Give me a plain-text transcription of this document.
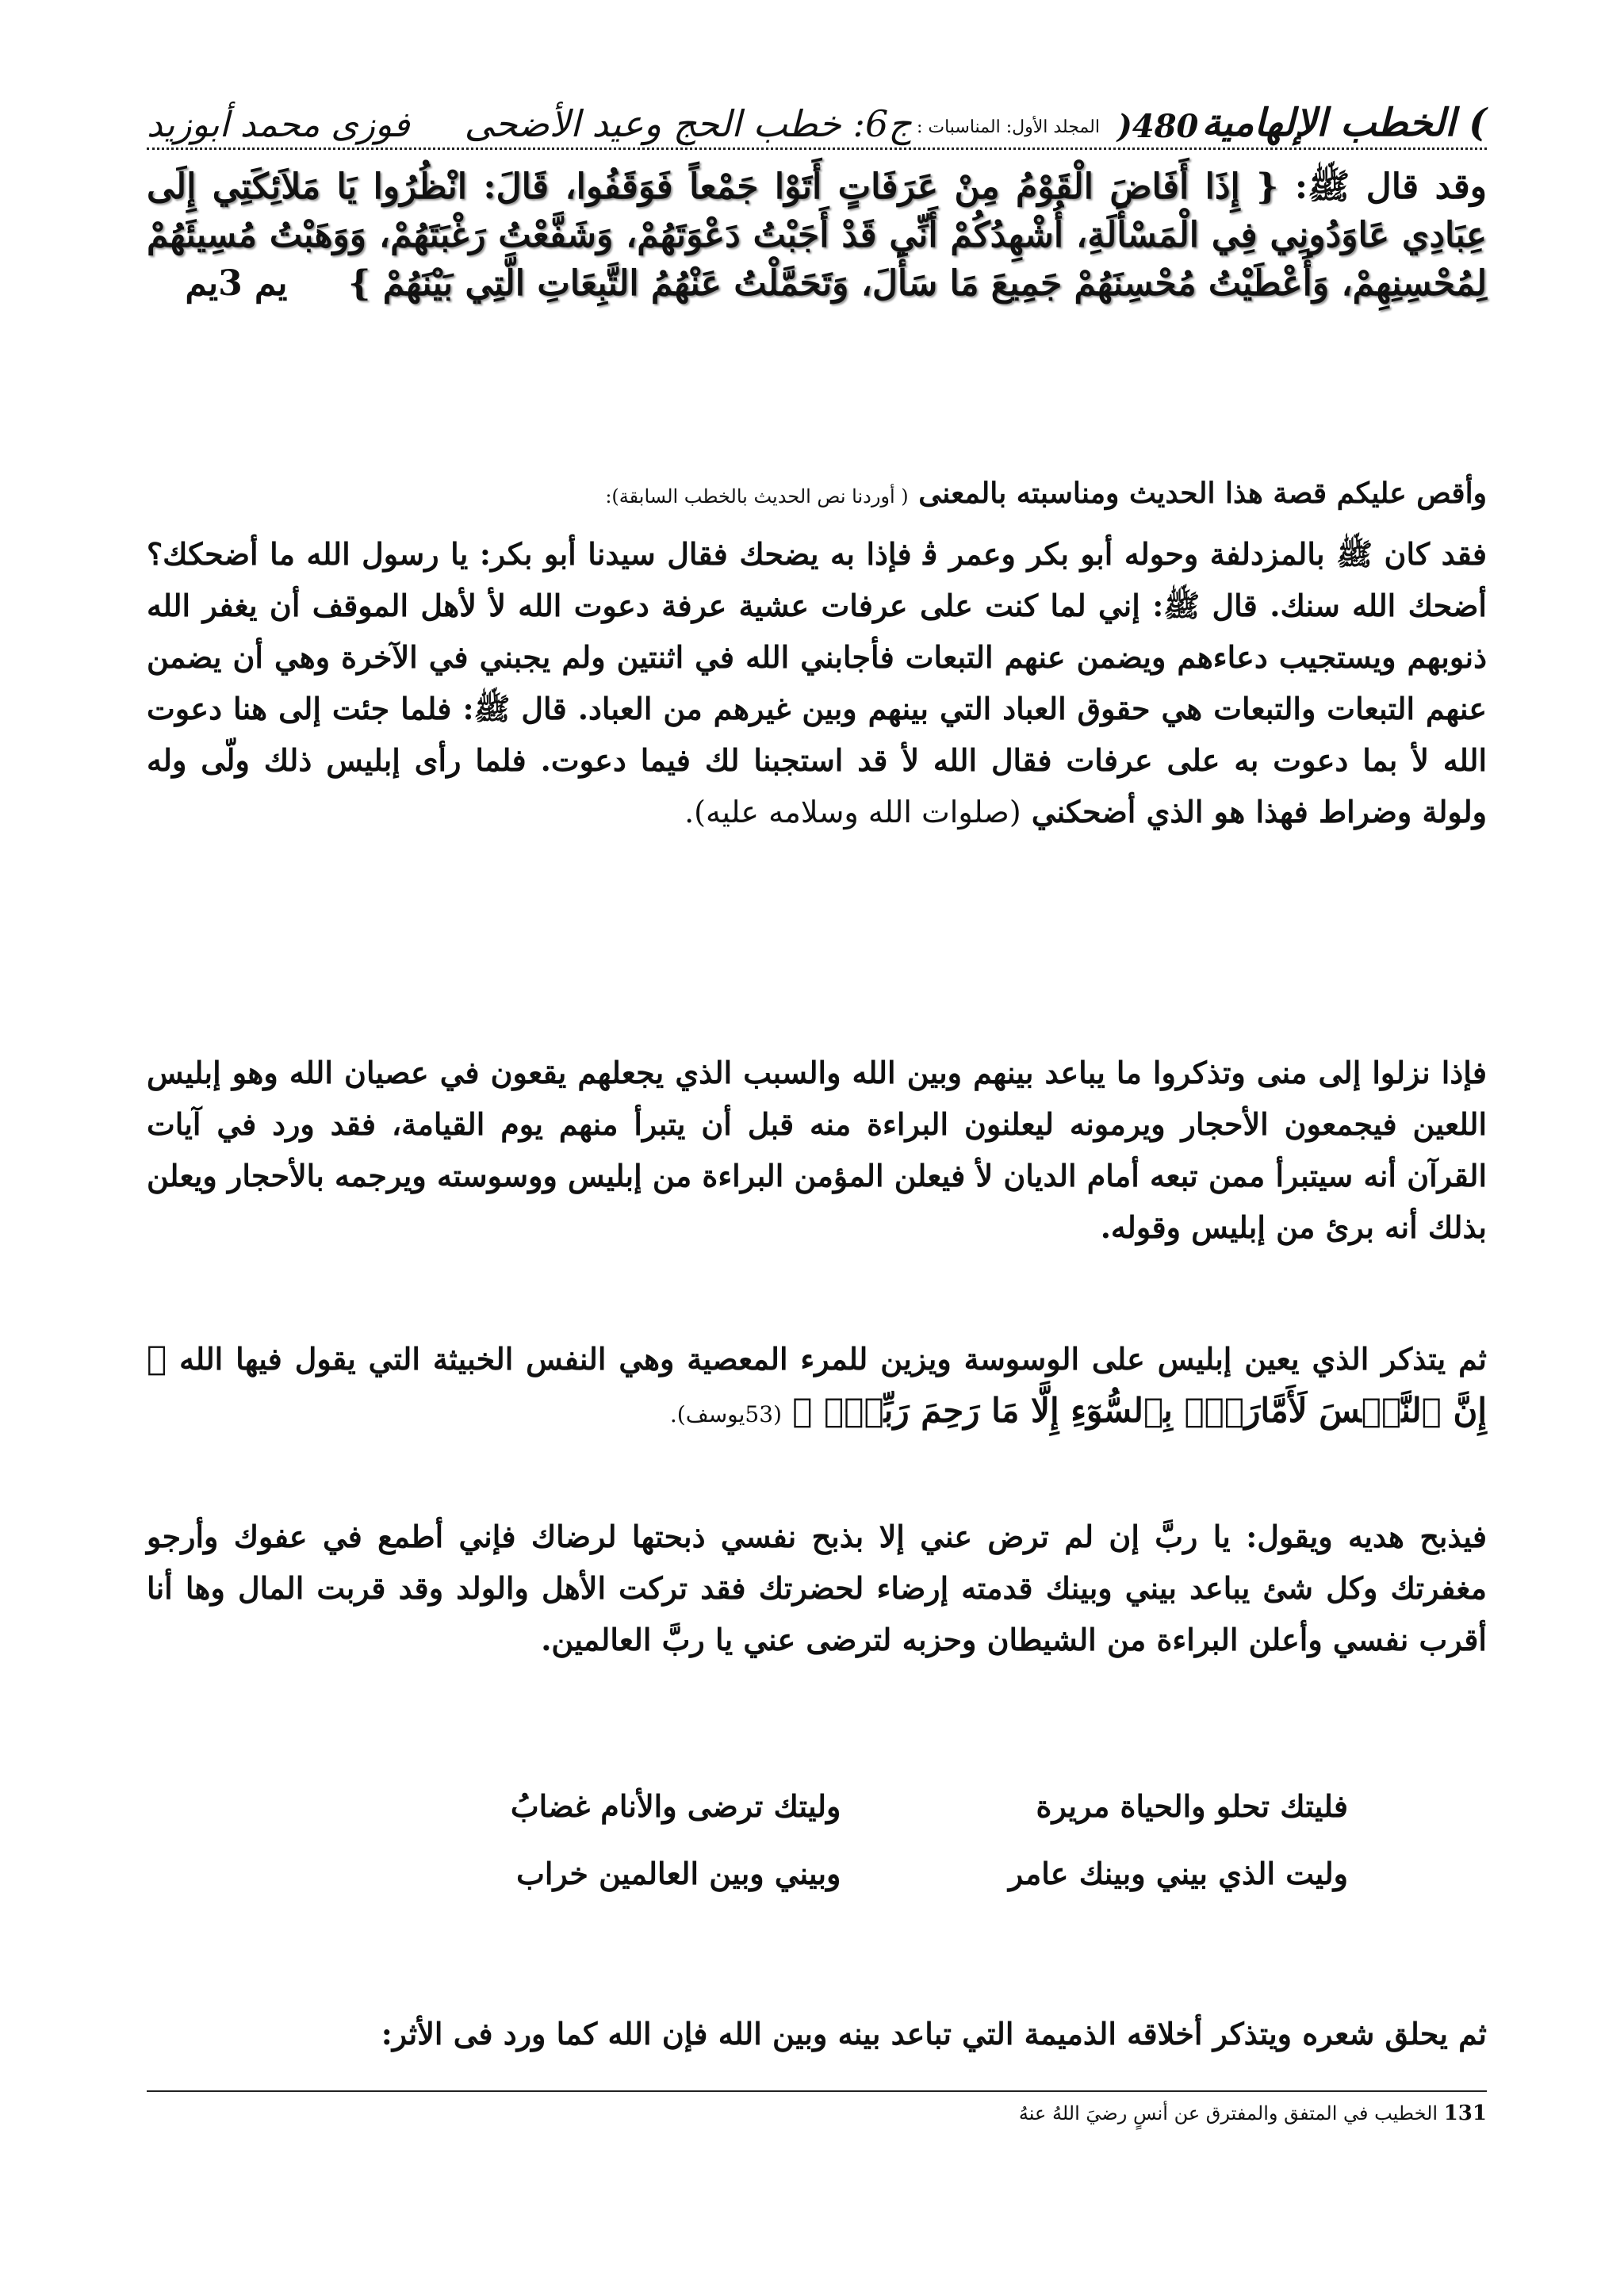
) الخطب الإلهامية
480(
المجلد الأول: المناسبات :
ج6: خطب الحج وعيد الأضحى
فوزى محمد أبوزيد
وقد قال ﷺ: { إِذَا أَفَاضَ الْقَوْمُ مِنْ عَرَفَاتٍ أَتَوْا جَمْعاً فَوَقَفُوا، قَالَ: انْظُرُوا يَا مَلاَئِكَتِي إِلَى عِبَادِي عَاوَدُونِي فِي الْمَسْأَلَةِ، أُشْهِدُكُمْ أَنِّي قَدْ أَجَبْتُ دَعْوَتَهُمْ، وَشَفَّعْتُ رَغْبَتَهُمْ، وَوَهَبْتُ مُسِيئَهُمْ لِمُحْسِنِهِمْ، وَأَعْطَيْتُ مُحْسِنَهُمْ جَمِيعَ مَا سَأَلَ، وَتَحَمَّلْتُ عَنْهُمُ التَّبِعَاتِ الَّتِي بَيْنَهُمْ }     يم 3يم
وأقص عليكم قصة هذا الحديث ومناسبته بالمعنى ( أوردنا نص الحديث بالخطب السابقة):
فقد كان ﷺ بالمزدلفة وحوله أبو بكر وعمر ﭬ فإذا به يضحك فقال سيدنا أبو بكر: يا رسول الله ما أضحكك؟ أضحك الله سنك. قال ﷺ: إني لما كنت على عرفات عشية عرفة دعوت الله ﻷ لأهل الموقف أن يغفر الله ذنوبهم ويستجيب دعاءهم ويضمن عنهم التبعات فأجابني الله في اثنتين ولم يجبني في الآخرة وهي أن يضمن عنهم التبعات والتبعات هي حقوق العباد التي بينهم وبين غيرهم من العباد. قال ﷺ: فلما جئت إلى هنا دعوت الله ﻷ بما دعوت به على عرفات فقال الله ﻷ قد استجبنا لك فيما دعوت. فلما رأى إبليس ذلك ولّى وله ولولة وضراط فهذا هو الذي أضحكني (صلوات الله وسلامه عليه).
فإذا نزلوا إلى منى وتذكروا ما يباعد بينهم وبين الله والسبب الذي يجعلهم يقعون في عصيان الله وهو إبليس اللعين فيجمعون الأحجار ويرمونه ليعلنون البراءة منه قبل أن يتبرأ منهم يوم القيامة، فقد ورد في آيات القرآن أنه سيتبرأ ممن تبعه أمام الديان ﻷ فيعلن المؤمن البراءة من إبليس ووسوسته ويرجمه بالأحجار ويعلن بذلك أنه برئ من إبليس وقوله.
ثم يتذكر الذي يعين إبليس على الوسوسة ويزين للمرء المعصية وهي النفس الخبيثة التي يقول فيها الله ﴿ إِنَّ ٱلنَّفۡسَ لَأَمَّارَةُۢ بِٱلسُّوٓءِ إِلَّا مَا رَحِمَ رَبِّيٓۚ ﴾ (53يوسف).
فيذبح هديه ويقول: يا ربَّ إن لم ترض عني إلا بذبح نفسي ذبحتها لرضاك فإني أطمع في عفوك وأرجو مغفرتك وكل شئ يباعد بيني وبينك قدمته إرضاء لحضرتك فقد تركت الأهل والولد وقد قربت المال وها أنا أقرب نفسي وأعلن البراءة من الشيطان وحزبه لترضى عني يا ربَّ العالمين.
فليتك تحلو والحياة مريرة
وليتك ترضى والأنام غضابُ
وليت الذي بيني وبينك عامر
وبيني وبين العالمين خراب
ثم يحلق شعره ويتذكر أخلاقه الذميمة التي تباعد بينه وبين الله فإن الله كما ورد فى الأثر:
131 الخطيب في المتفق والمفترق عن أنسٍ رضيَ اللهُ عنهُ
